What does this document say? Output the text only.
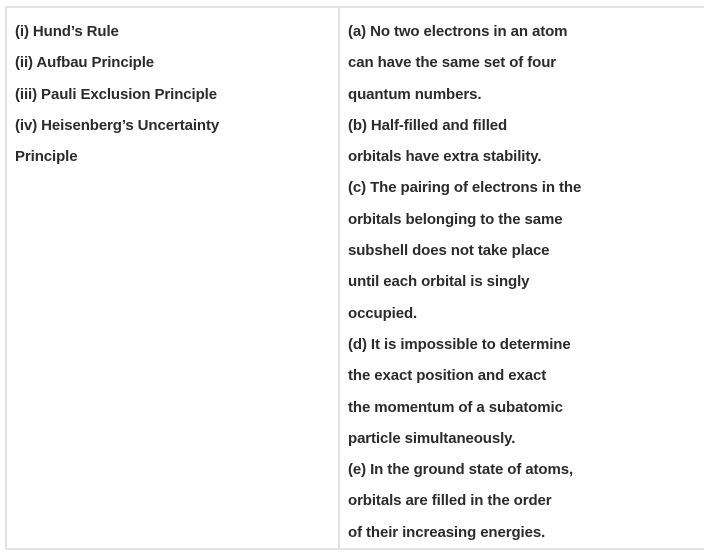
(i) Hund’s Rule
(ii) Aufbau Principle
(iii) Pauli Exclusion Principle
(iv) Heisenberg’s Uncertainty
Principle

(a) No two electrons in an atom
can have the same set of four
quantum numbers.
(b) Half-filled and filled
orbitals have extra stability.
(c) The pairing of electrons in the
orbitals belonging to the same
subshell does not take place
until each orbital is singly
occupied.
(d) It is impossible to determine
the exact position and exact
the momentum of a subatomic
particle simultaneously.
(e) In the ground state of atoms,
orbitals are filled in the order
of their increasing energies.
